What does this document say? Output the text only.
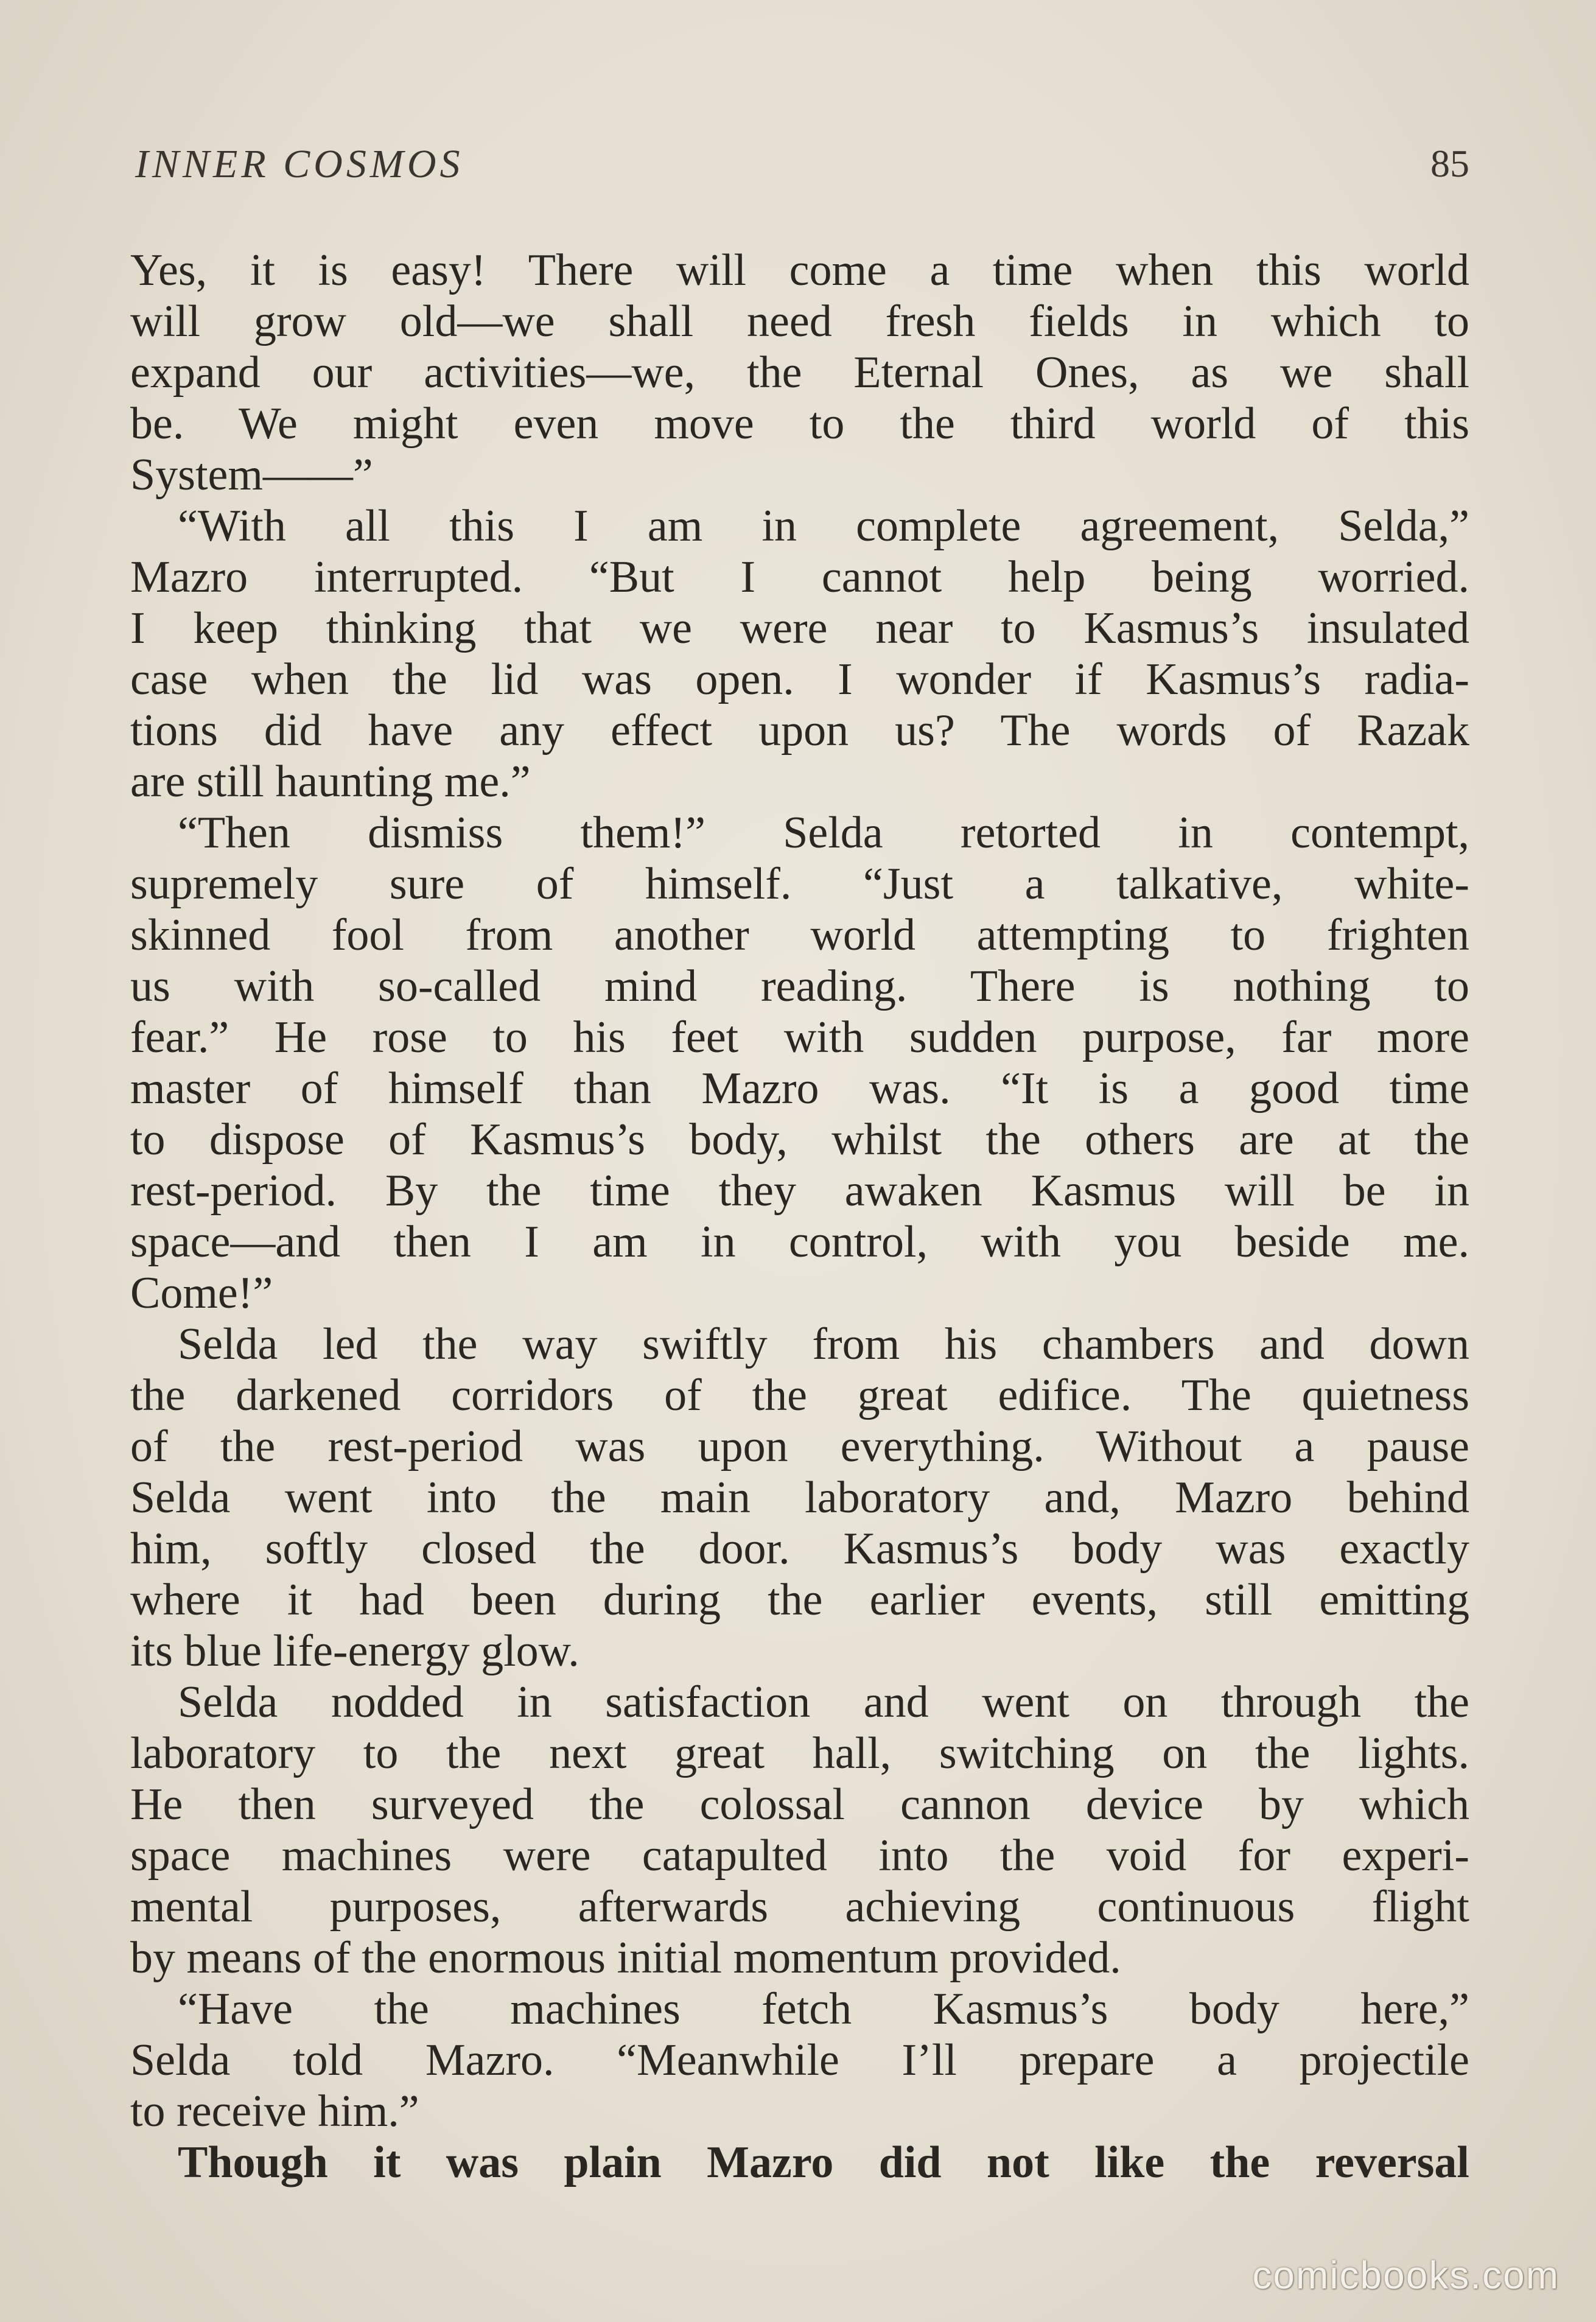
INNER COSMOS	85
Yes, it is easy! There will come a time when this world
will grow old—we shall need fresh fields in which to
expand our activities—we, the Eternal Ones, as we shall
be. We might even move to the third world of this
System——”
“With all this I am in complete agreement, Selda,”
Mazro interrupted. “But I cannot help being worried.
I keep thinking that we were near to Kasmus’s insulated
case when the lid was open. I wonder if Kasmus’s radia-
tions did have any effect upon us? The words of Razak
are still haunting me.”
“Then dismiss them!” Selda retorted in contempt,
supremely sure of himself. “Just a talkative, white-
skinned fool from another world attempting to frighten
us with so-called mind reading. There is nothing to
fear.” He rose to his feet with sudden purpose, far more
master of himself than Mazro was. “It is a good time
to dispose of Kasmus’s body, whilst the others are at the
rest-period. By the time they awaken Kasmus will be in
space—and then I am in control, with you beside me.
Come!”
Selda led the way swiftly from his chambers and down
the darkened corridors of the great edifice. The quietness
of the rest-period was upon everything. Without a pause
Selda went into the main laboratory and, Mazro behind
him, softly closed the door. Kasmus’s body was exactly
where it had been during the earlier events, still emitting
its blue life-energy glow.
Selda nodded in satisfaction and went on through the
laboratory to the next great hall, switching on the lights.
He then surveyed the colossal cannon device by which
space machines were catapulted into the void for experi-
mental purposes, afterwards achieving continuous flight
by means of the enormous initial momentum provided.
“Have the machines fetch Kasmus’s body here,”
Selda told Mazro. “Meanwhile I’ll prepare a projectile
to receive him.”
Though it was plain Mazro did not like the reversal
comicbooks.com
